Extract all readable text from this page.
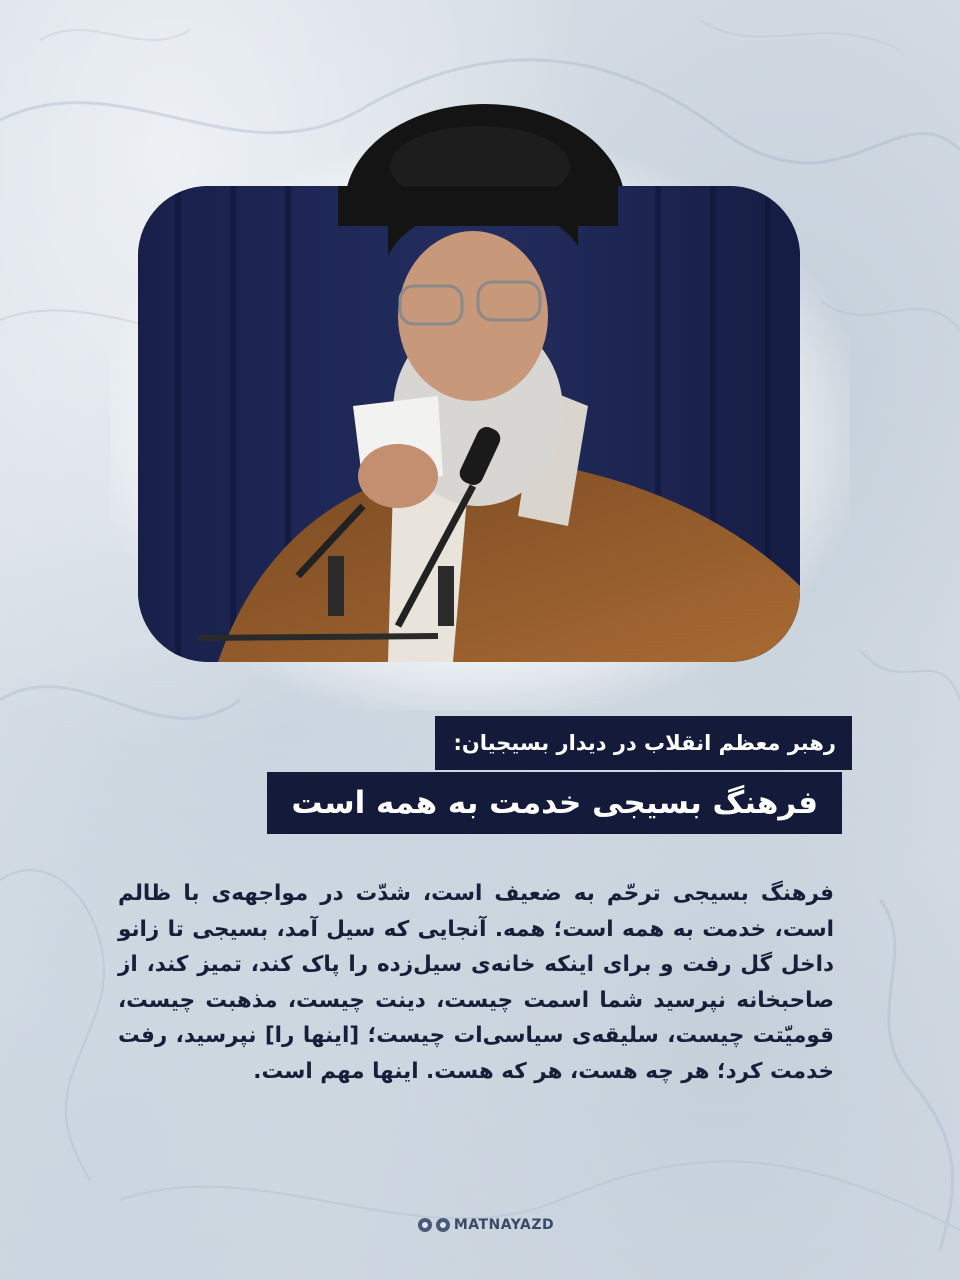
رهبر معظم انقلاب در دیدار بسیجیان:
فرهنگ بسیجی خدمت به همه است
فرهنگ بسیجی ترحّم به ضعیف است، شدّت در مواجهه‌ی با ظالم است، خدمت به همه است؛ همه. آنجایی که سیل آمد، بسیجی تا زانو داخل گل رفت و برای اینکه خانه‌ی سیل‌زده را پاک کند، تمیز کند، از صاحبخانه نپرسید شما اسمت چیست، دینت چیست، مذهبت چیست، قومیّتت چیست، سلیقه‌ی سیاسی‌ات چیست؛ [اینها را] نپرسید، رفت خدمت کرد؛ هر چه هست، هر که هست. اینها مهم است.
MATNAYAZD
